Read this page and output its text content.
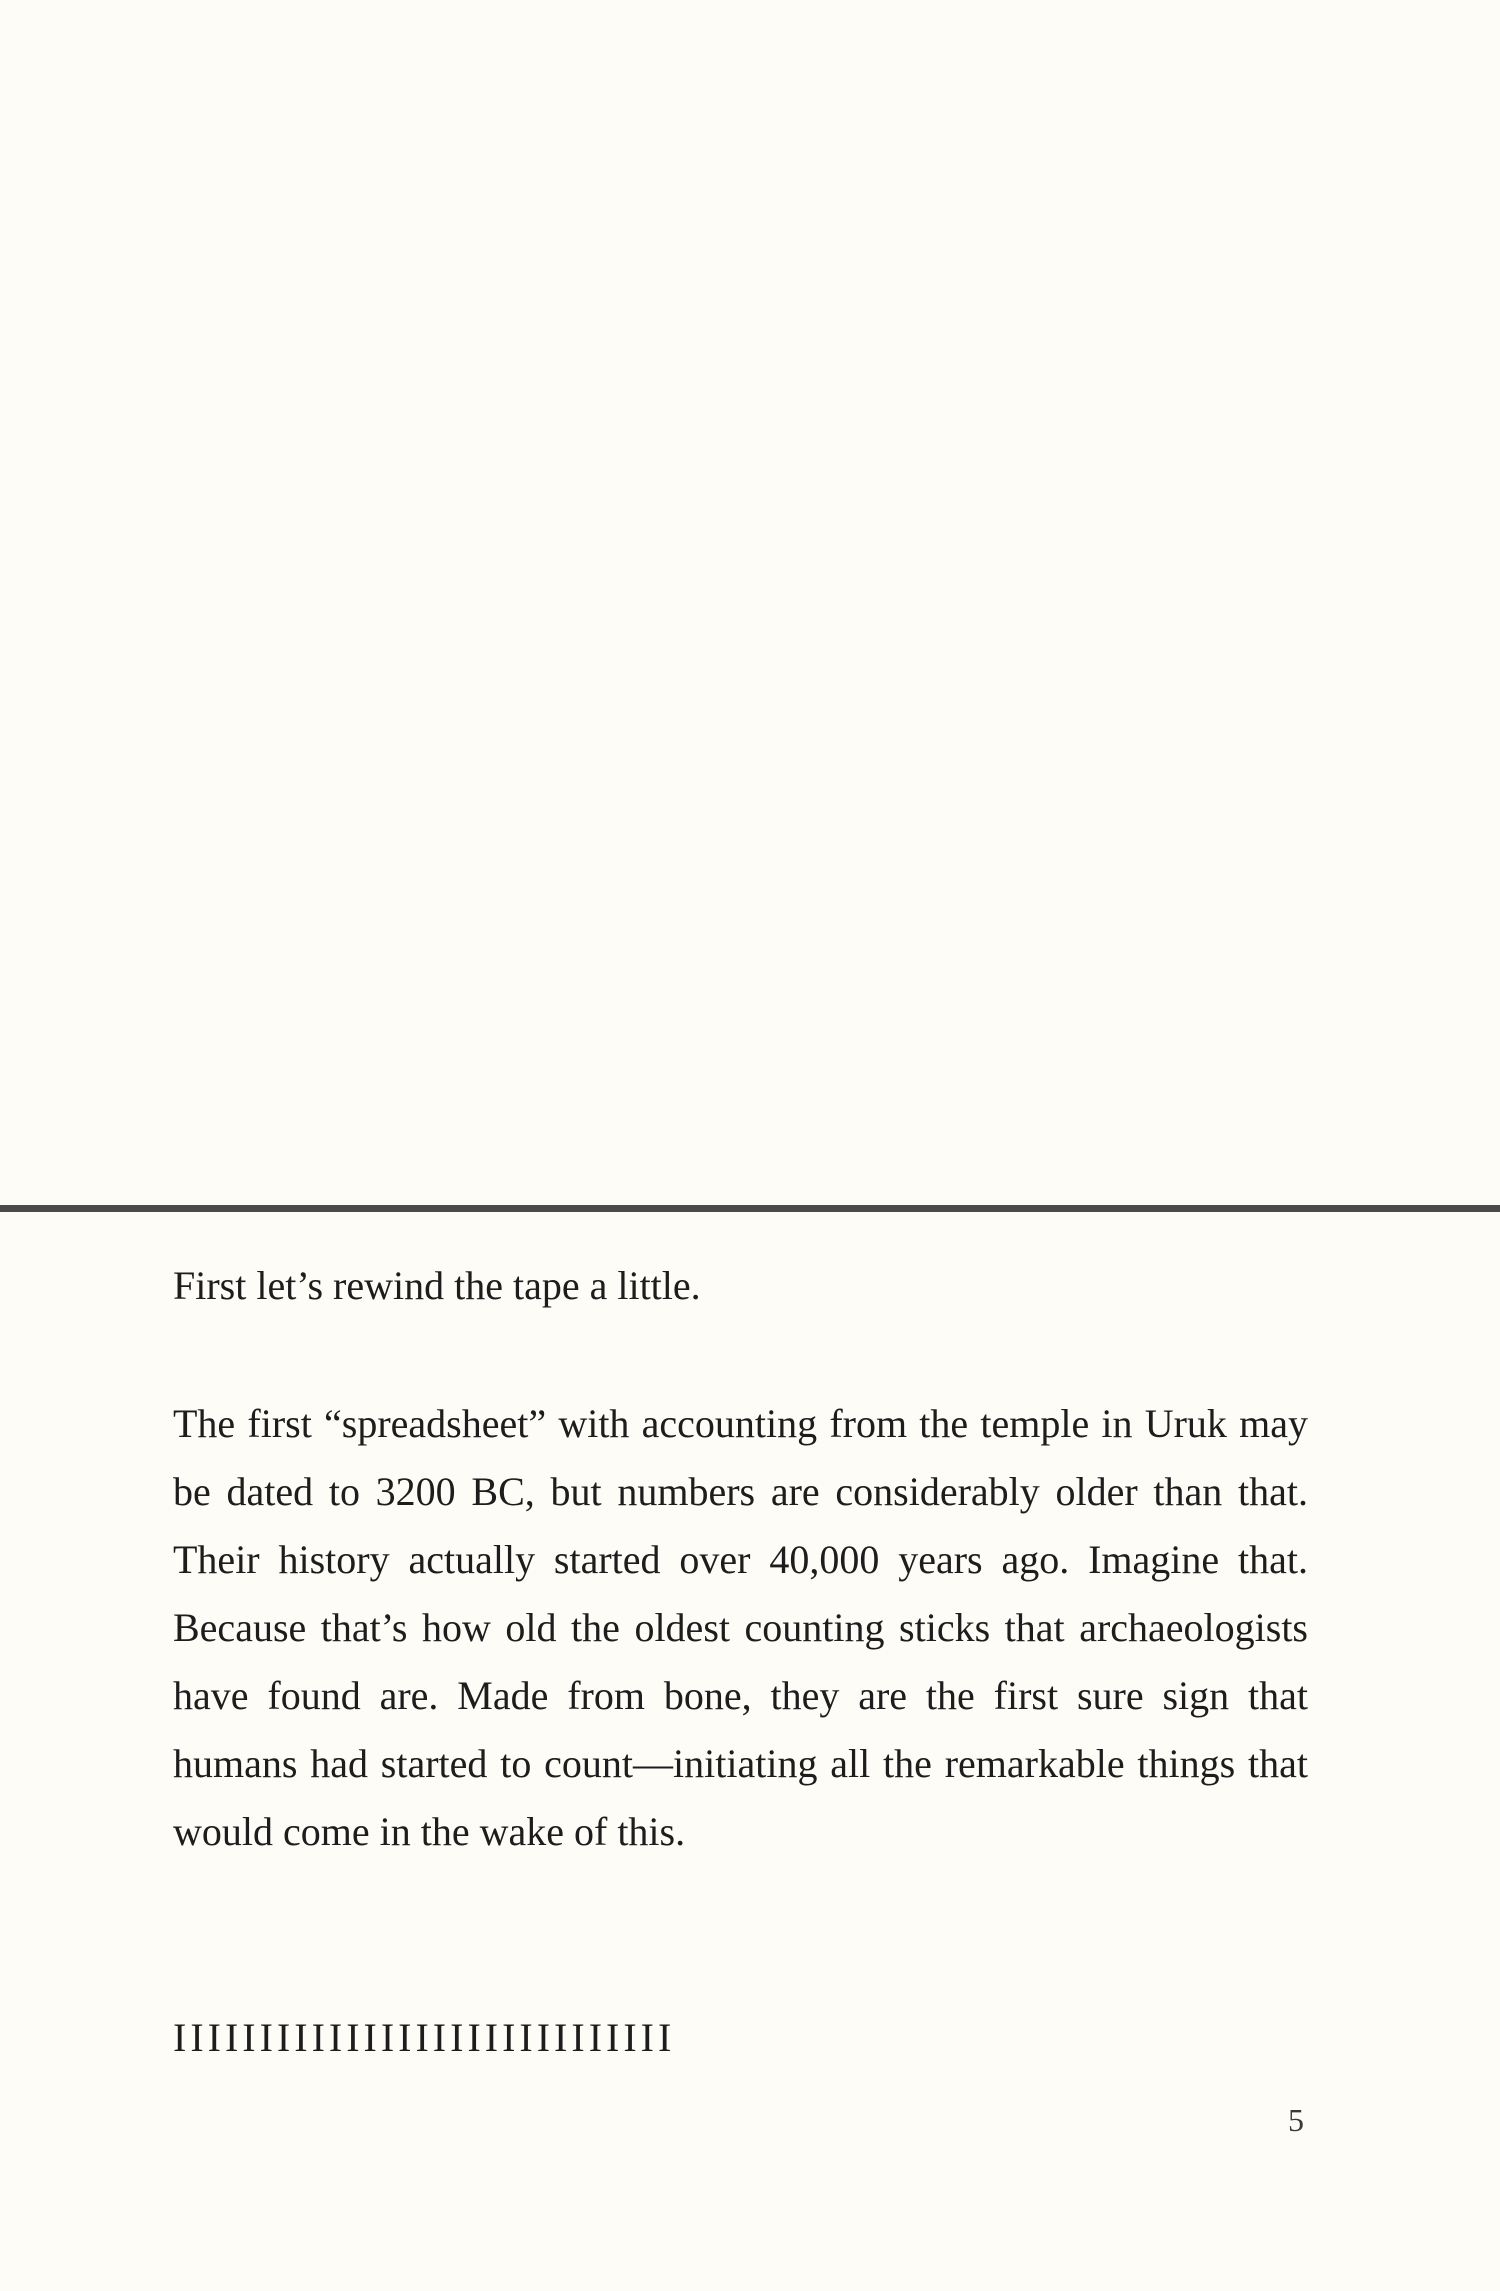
First let’s rewind the tape a little.
The first “spreadsheet” with accounting from the temple in Uruk may be dated to 3200 BC, but numbers are considerably older than that. Their history actually started over 40,000 years ago. Imagine that. Because that’s how old the oldest counting sticks that archaeologists have found are. Made from bone, they are the first sure sign that humans had started to count—initiating all the remarkable things that would come in the wake of this.
IIIIIIIIIIIIIIIIIIIIIIIIIIIII
5
